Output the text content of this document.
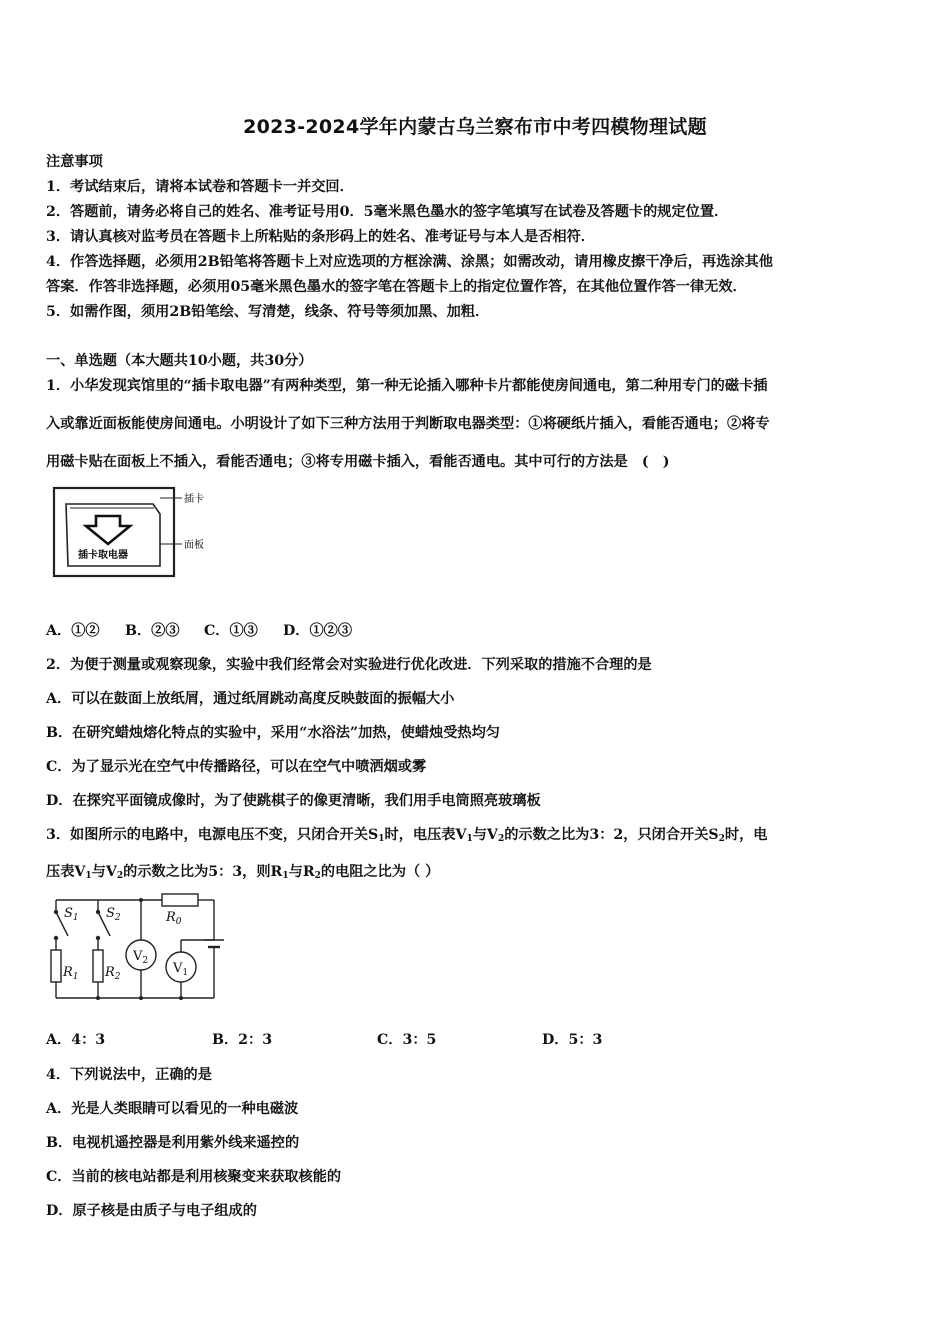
2023-2024学年内蒙古乌兰察布市中考四模物理试题
注意事项
1．考试结束后，请将本试卷和答题卡一并交回．
2．答题前，请务必将自己的姓名、准考证号用0．5毫米黑色墨水的签字笔填写在试卷及答题卡的规定位置．
3．请认真核对监考员在答题卡上所粘贴的条形码上的姓名、准考证号与本人是否相符．
4．作答选择题，必须用2B铅笔将答题卡上对应选项的方框涂满、涂黑；如需改动，请用橡皮擦干净后，再选涂其他
答案．作答非选择题，必须用05毫米黑色墨水的签字笔在答题卡上的指定位置作答，在其他位置作答一律无效．
5．如需作图，须用2B铅笔绘、写清楚，线条、符号等须加黑、加粗．
一、单选题（本大题共10小题，共30分）
1．小华发现宾馆里的“插卡取电器”有两种类型，第一种无论插入哪种卡片都能使房间通电，第二种用专门的磁卡插
入或靠近面板能使房间通电。小明设计了如下三种方法用于判断取电器类型：①将硬纸片插入，看能否通电；②将专
用磁卡贴在面板上不插入，看能否通电；③将专用磁卡插入，看能否通电。其中可行的方法是　(　)
插卡取电器
插卡
面板
A．①② B．②③ C．①③ D．①②③
2．为便于测量或观察现象，实验中我们经常会对实验进行优化改进．下列采取的措施不合理的是
A．可以在鼓面上放纸屑，通过纸屑跳动高度反映鼓面的振幅大小
B．在研究蜡烛熔化特点的实验中，采用“水浴法”加热，使蜡烛受热均匀
C．为了显示光在空气中传播路径，可以在空气中喷洒烟或雾
D．在探究平面镜成像时，为了使跳棋子的像更清晰，我们用手电筒照亮玻璃板
3．如图所示的电路中，电源电压不变，只闭合开关$S_1$时，电压表$V_1$与$V_2$的示数之比为3：2，只闭合开关$S_2$时，电
压表$V_1$与$V_2$的示数之比为5：3，则$R_1$与$R_2$的电阻之比为（ ）
$S_1$ $S_2$	$R_0$
$R_1$ $R_2$
$V_2$ $V_1$
A．4：3	B．2：3	C．3：5	D．5：3
4．下列说法中，正确的是
A．光是人类眼睛可以看见的一种电磁波
B．电视机遥控器是利用紫外线来遥控的
C．当前的核电站都是利用核聚变来获取核能的
D．原子核是由质子与电子组成的
